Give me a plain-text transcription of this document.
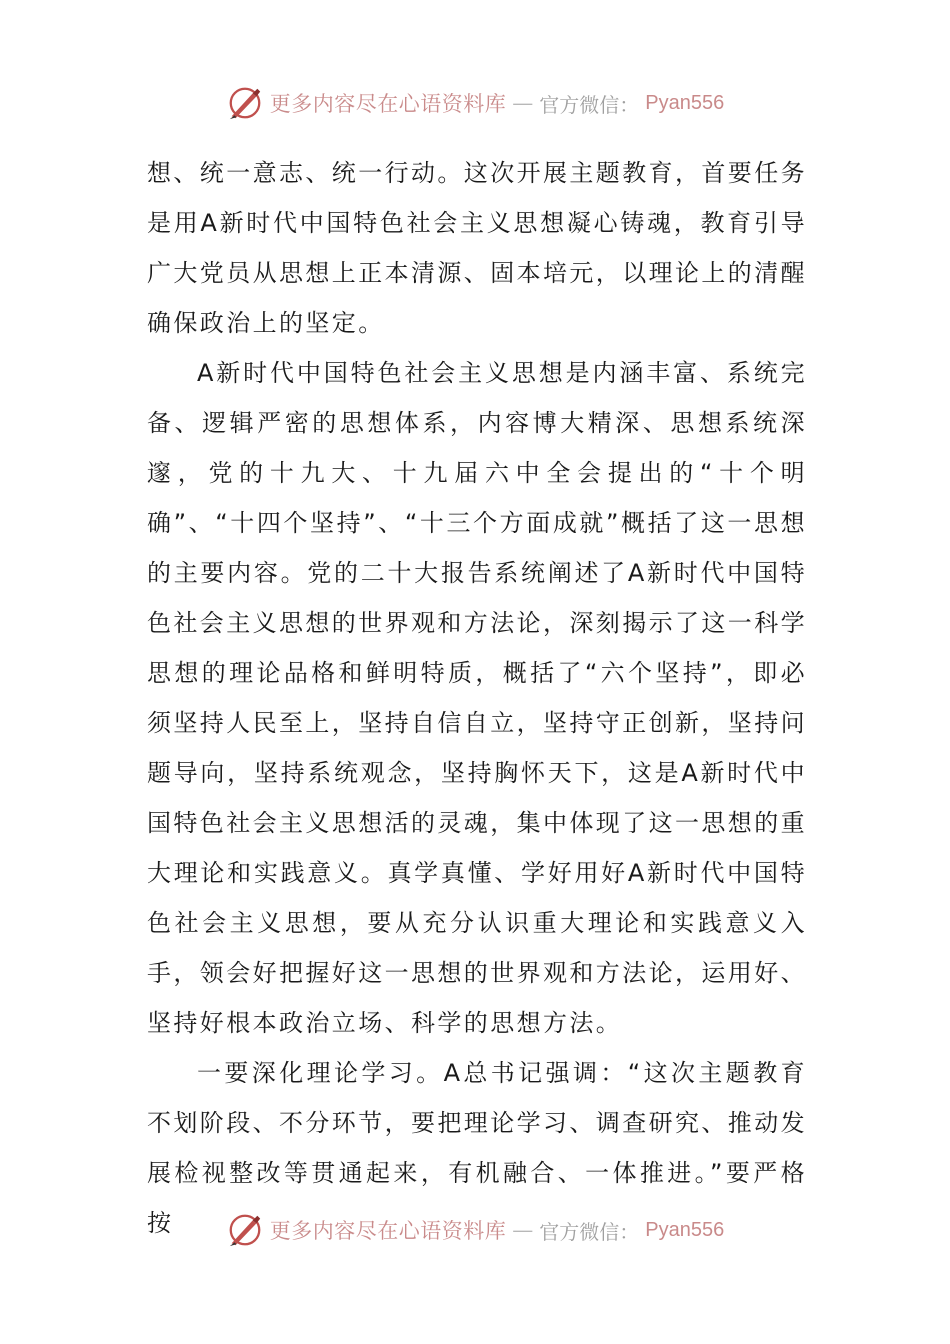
更多内容尽在心语资料库 — 官方微信： Pyan556

想、统一意志、统一行动。这次开展主题教育，首要任务是用A新时代中国特色社会主义思想凝心铸魂，教育引导广大党员从思想上正本清源、固本培元，以理论上的清醒确保政治上的坚定。

A新时代中国特色社会主义思想是内涵丰富、系统完备、逻辑严密的思想体系，内容博大精深、思想系统深邃，党的十九大、十九届六中全会提出的“十个明确”、“十四个坚持”、“十三个方面成就”概括了这一思想的主要内容。党的二十大报告系统阐述了A新时代中国特色社会主义思想的世界观和方法论，深刻揭示了这一科学思想的理论品格和鲜明特质，概括了“六个坚持”，即必须坚持人民至上，坚持自信自立，坚持守正创新，坚持问题导向，坚持系统观念，坚持胸怀天下，这是A新时代中国特色社会主义思想活的灵魂，集中体现了这一思想的重大理论和实践意义。真学真懂、学好用好A新时代中国特色社会主义思想，要从充分认识重大理论和实践意义入手，领会好把握好这一思想的世界观和方法论，运用好、坚持好根本政治立场、科学的思想方法。

一要深化理论学习。A总书记强调：“这次主题教育不划阶段、不分环节，要把理论学习、调查研究、推动发展检视整改等贯通起来，有机融合、一体推进。”要严格按	更多内容尽在心语资料库 — 官方微信： Pyan556
